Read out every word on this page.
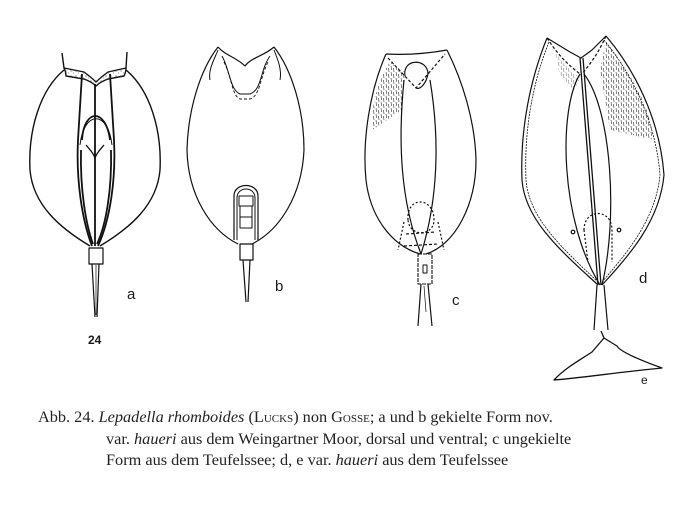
a	b
c
d
e
24
Abb. 24. Lepadella rhomboides (Lucks) non Gosse; a und b gekielte Form nov.
var. haueri aus dem Weingartner Moor, dorsal und ventral; c ungekielte
Form aus dem Teufelssee; d, e var. haueri aus dem Teufelssee
